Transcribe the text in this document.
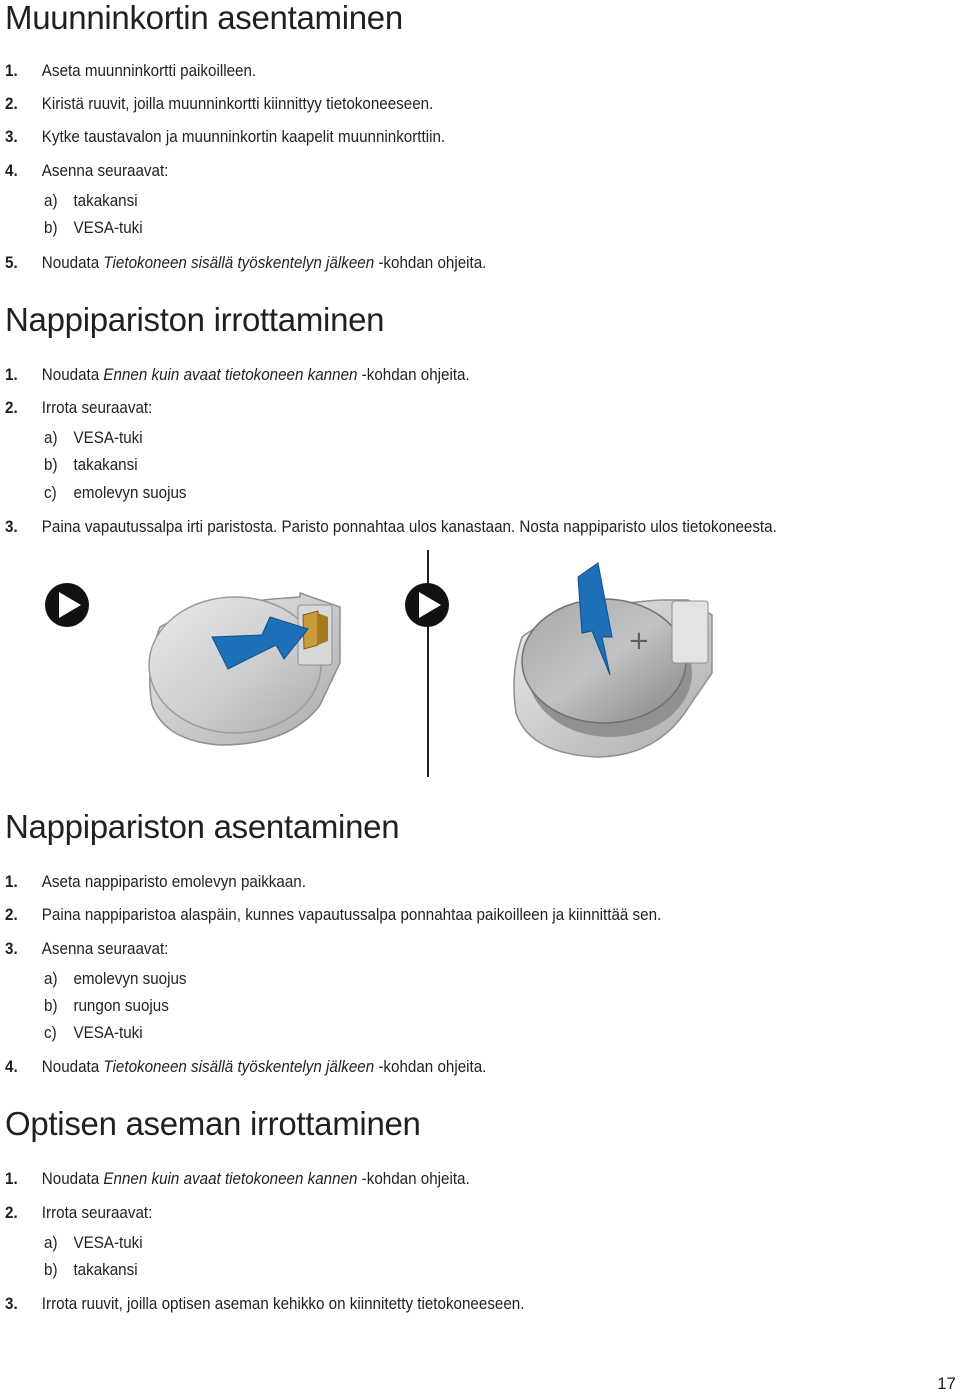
Muunninkortin asentaminen
1. Aseta muunninkortti paikoilleen.
2. Kiristä ruuvit, joilla muunninkortti kiinnittyy tietokoneeseen.
3. Kytke taustavalon ja muunninkortin kaapelit muunninkorttiin.
4. Asenna seuraavat:
a) takakansi
b) VESA-tuki
5. Noudata Tietokoneen sisällä työskentelyn jälkeen -kohdan ohjeita.
Nappipariston irrottaminen
1. Noudata Ennen kuin avaat tietokoneen kannen -kohdan ohjeita.
2. Irrota seuraavat:
a) VESA-tuki
b) takakansi
c) emolevyn suojus
3. Paina vapautussalpa irti paristosta. Paristo ponnahtaa ulos kanastaan. Nosta nappiparisto ulos tietokoneesta.
+
Nappipariston asentaminen
1. Aseta nappiparisto emolevyn paikkaan.
2. Paina nappiparistoa alaspäin, kunnes vapautussalpa ponnahtaa paikoilleen ja kiinnittää sen.
3. Asenna seuraavat:
a) emolevyn suojus
b) rungon suojus
c) VESA-tuki
4. Noudata Tietokoneen sisällä työskentelyn jälkeen -kohdan ohjeita.
Optisen aseman irrottaminen
1. Noudata Ennen kuin avaat tietokoneen kannen -kohdan ohjeita.
2. Irrota seuraavat:
a) VESA-tuki
b) takakansi
3. Irrota ruuvit, joilla optisen aseman kehikko on kiinnitetty tietokoneeseen.
17
